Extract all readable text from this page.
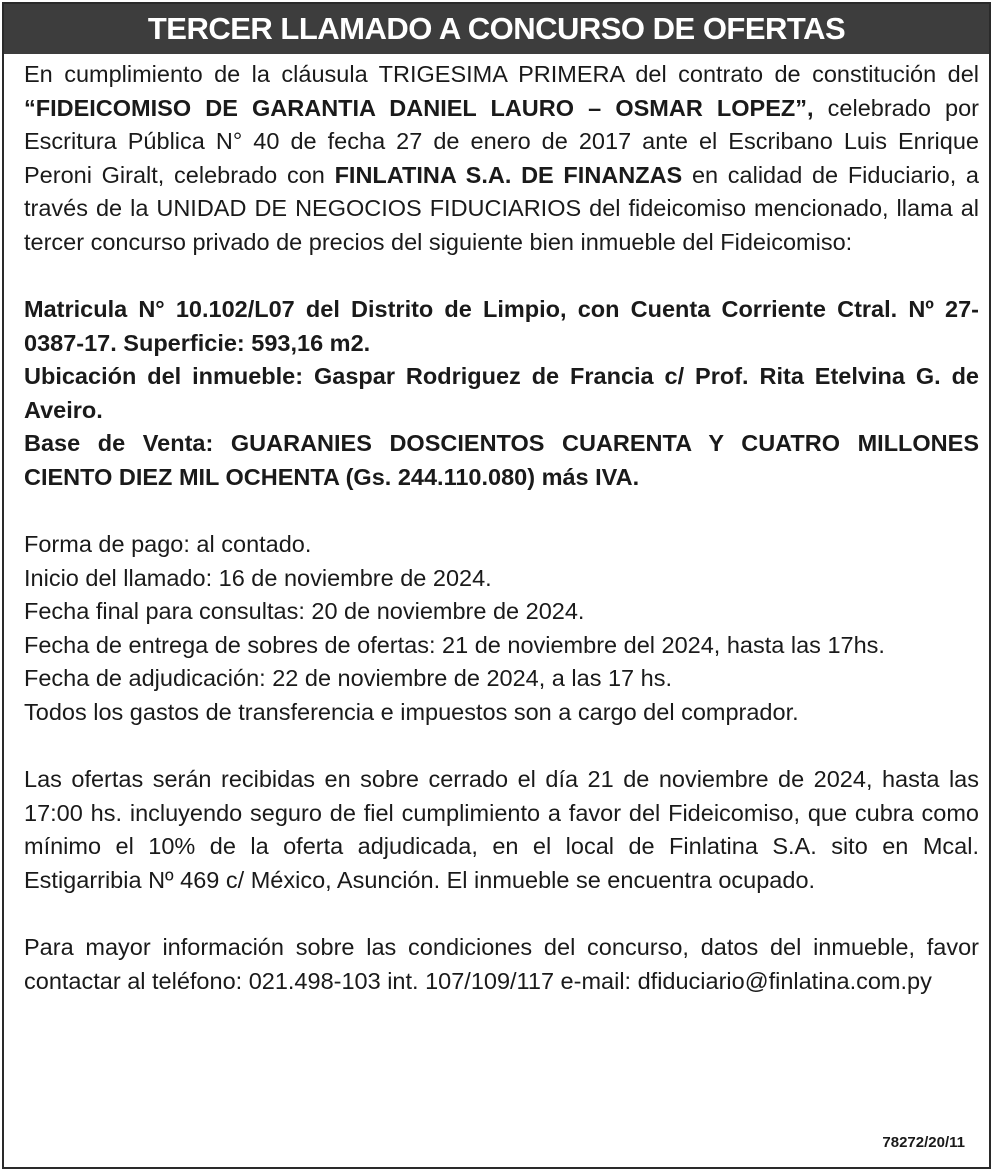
TERCER LLAMADO A CONCURSO DE OFERTAS

En cumplimiento de la cláusula TRIGESIMA PRIMERA del contrato de constitución del “FIDEICOMISO DE GARANTIA DANIEL LAURO – OSMAR LOPEZ”, celebrado por Escritura Pública N° 40 de fecha 27 de enero de 2017 ante el Escribano Luis Enrique Peroni Giralt, celebrado con FINLATINA S.A. DE FINANZAS en calidad de Fiduciario, a través de la UNIDAD DE NEGOCIOS FIDUCIARIOS del fideicomiso mencionado, llama al tercer concurso privado de precios del siguiente bien inmueble del Fideicomiso:

Matricula N° 10.102/L07 del Distrito de Limpio, con Cuenta Corriente Ctral. Nº 27-0387-17. Superficie: 593,16 m2.

Ubicación del inmueble: Gaspar Rodriguez de Francia c/ Prof. Rita Etelvina G. de Aveiro.

Base de Venta: GUARANIES DOSCIENTOS CUARENTA Y CUATRO MILLONES CIENTO DIEZ MIL OCHENTA (Gs. 244.110.080) más IVA.

Forma de pago: al contado.

Inicio del llamado: 16 de noviembre de 2024.

Fecha final para consultas: 20 de noviembre de 2024.

Fecha de entrega de sobres de ofertas: 21 de noviembre del 2024, hasta las 17hs.

Fecha de adjudicación: 22 de noviembre de 2024, a las 17 hs.

Todos los gastos de transferencia e impuestos son a cargo del comprador.

Las ofertas serán recibidas en sobre cerrado el día 21 de noviembre de 2024, hasta las 17:00 hs. incluyendo seguro de fiel cumplimiento a favor del Fideicomiso, que cubra como mínimo el 10% de la oferta adjudicada, en el local de Finlatina S.A. sito en Mcal. Estigarribia Nº 469 c/ México, Asunción. El inmueble se encuentra ocupado.

Para mayor información sobre las condiciones del concurso, datos del inmueble, favor contactar al teléfono: 021.498-103 int. 107/109/117 e-mail: dfiduciario@finlatina.com.py

78272/20/11
